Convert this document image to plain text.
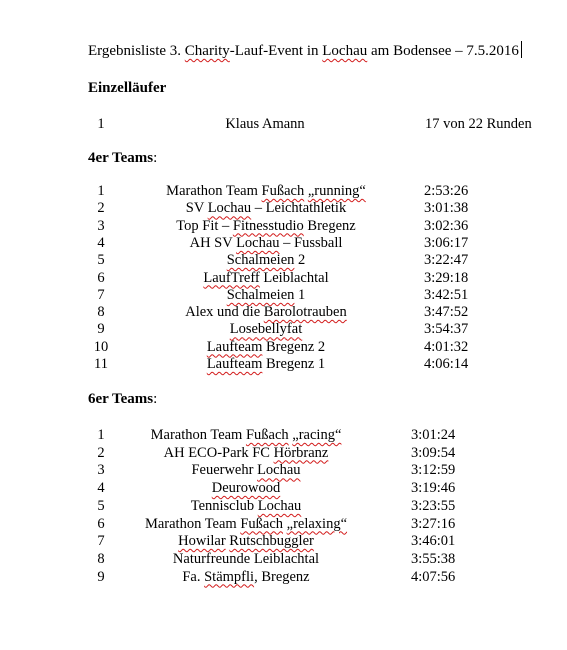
Ergebnisliste 3. Charity-Lauf-Event in Lochau am Bodensee – 7.5.2016
Einzelläufer
1	Klaus Amann	17 von 22 Runden
4er Teams:
1	Marathon Team Fußach „running“	2:53:26
2	SV Lochau – Leichtathletik	3:01:38
3	Top Fit – Fitnesstudio Bregenz	3:02:36
4	AH SV Lochau – Fussball	3:06:17
5	Schalmeien 2	3:22:47
6	LaufTreff Leiblachtal	3:29:18
7	Schalmeien 1	3:42:51
8	Alex und die Barolotrauben	3:47:52
9	Losebellyfat	3:54:37
10	Laufteam Bregenz 2	4:01:32
11	Laufteam Bregenz 1	4:06:14
6er Teams:
1	Marathon Team Fußach „racing“	3:01:24
2	AH ECO-Park FC Hörbranz	3:09:54
3	Feuerwehr Lochau	3:12:59
4	Deurowood	3:19:46
5	Tennisclub Lochau	3:23:55
6	Marathon Team Fußach „relaxing“	3:27:16
7	Howilar Rutschbuggler	3:46:01
8	Naturfreunde Leiblachtal	3:55:38
9	Fa. Stämpfli, Bregenz	4:07:56
